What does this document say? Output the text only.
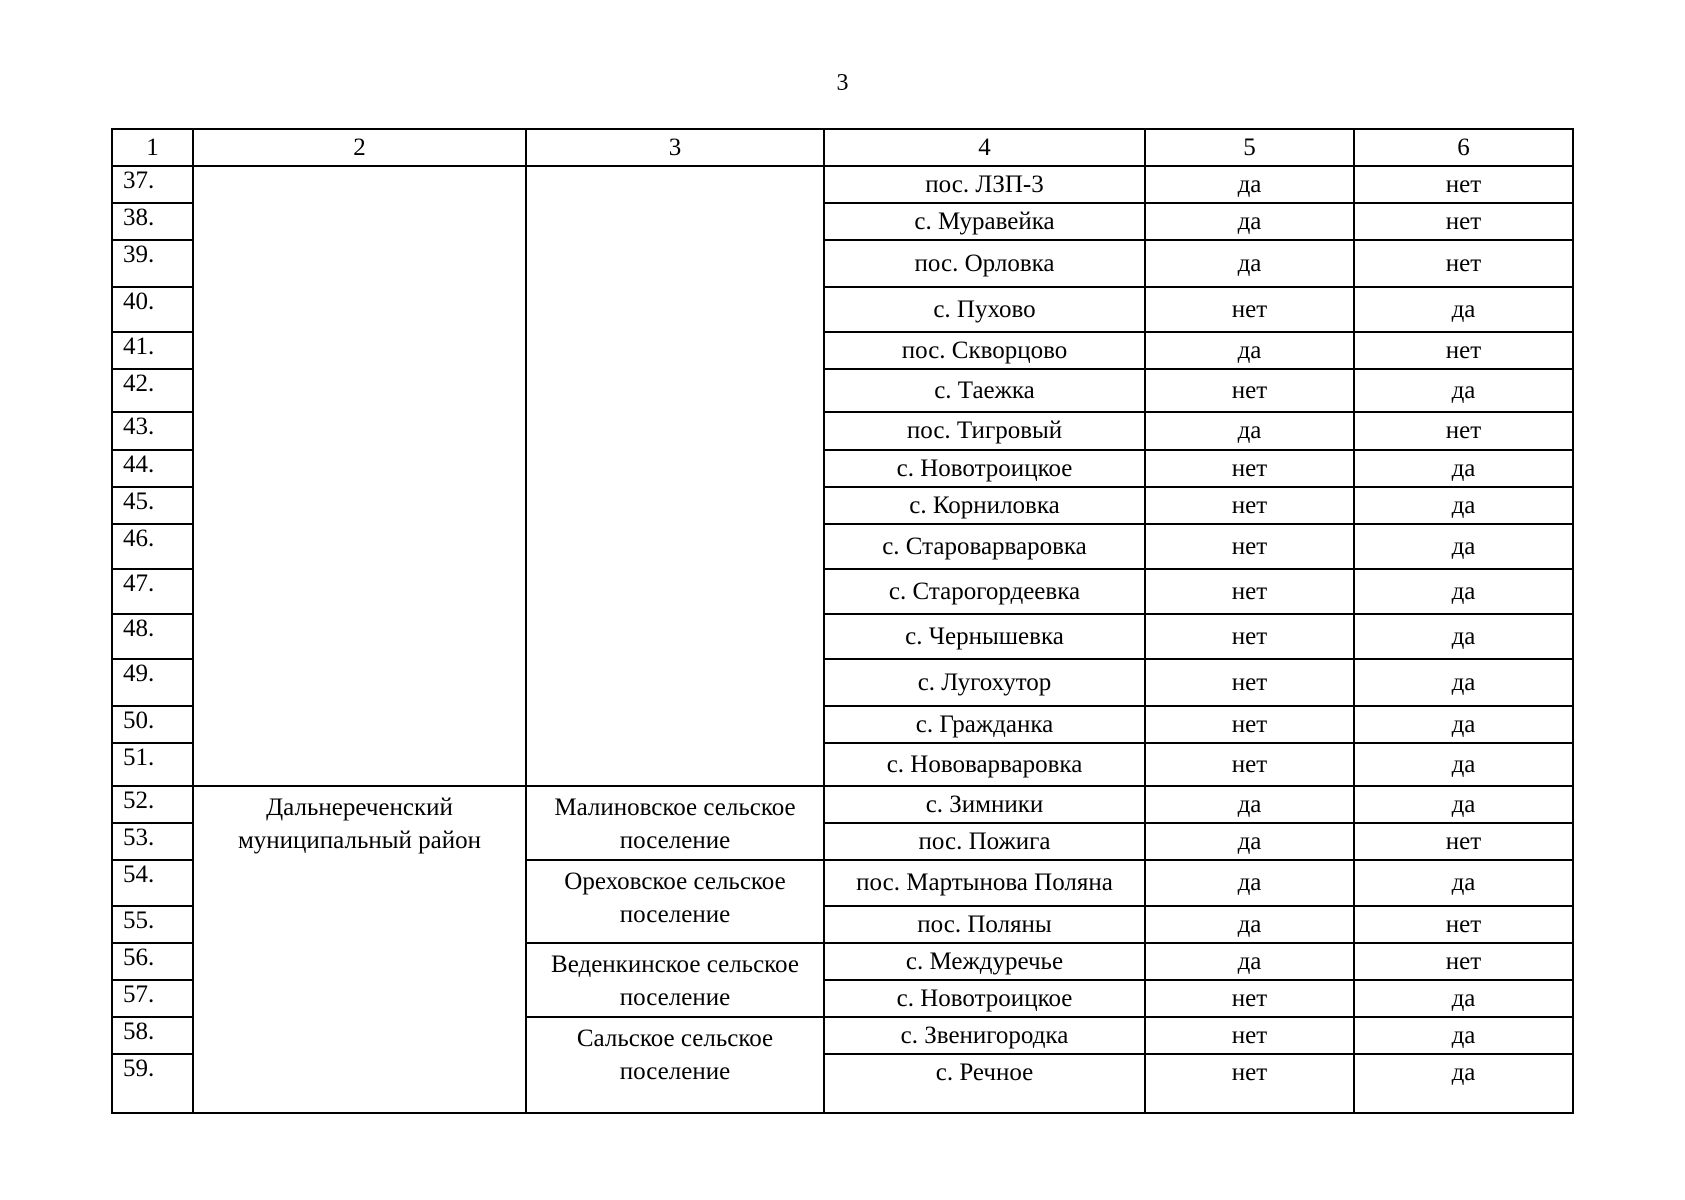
3
1	2	3	4	5	6
37.			пос. ЛЗП-3	да	нет
38.			с. Муравейка	да	нет
39.			пос. Орловка	да	нет
40.			с. Пухово	нет	да
41.			пос. Скворцово	да	нет
42.			с. Таежка	нет	да
43.			пос. Тигровый	да	нет
44.			с. Новотроицкое	нет	да
45.			с. Корниловка	нет	да
46.			с. Староварваровка	нет	да
47.			с. Старогордеевка	нет	да
48.			с. Чернышевка	нет	да
49.			с. Лугохутор	нет	да
50.			с. Гражданка	нет	да
51.			с. Нововарваровка	нет	да
52.	Дальнереченский муниципальный район	Малиновское сельское поселение	с. Зимники	да	да
53.			пос. Пожига	да	нет
54.		Ореховское сельское поселение	пос. Мартынова Поляна	да	да
55.			пос. Поляны	да	нет
56.		Веденкинское сельское поселение	с. Междуречье	да	нет
57.			с. Новотроицкое	нет	да
58.		Сальское сельское поселение	с. Звенигородка	нет	да
59.			с. Речное	нет	да
